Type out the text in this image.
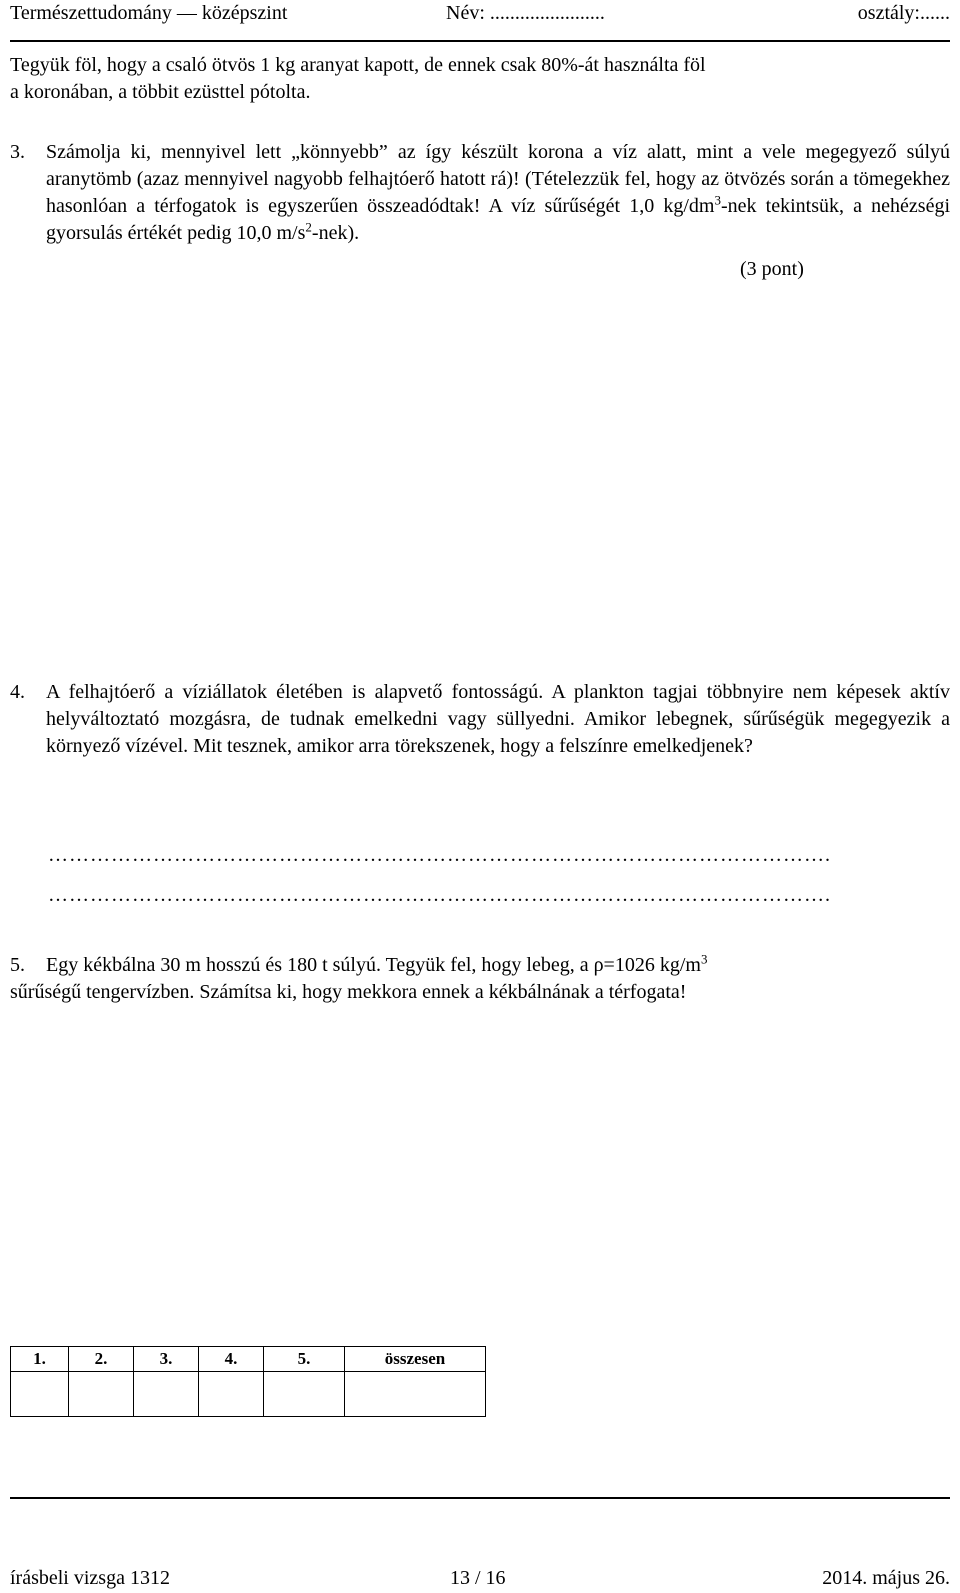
Természettudomány — középszint	Név: .......................	osztály:......
Tegyük föl, hogy a csaló ötvös 1 kg aranyat kapott, de ennek csak 80%-át használta föl
a koronában, a többit ezüsttel pótolta.
3. Számolja ki, mennyivel lett „könnyebb” az így készült korona a víz alatt, mint a vele megegyező súlyú aranytömb (azaz mennyivel nagyobb felhajtóerő hatott rá)! (Tételezzük fel, hogy az ötvözés során a tömegekhez hasonlóan a térfogatok is egyszerűen összeadódtak! A víz sűrűségét 1,0 $kg/dm^3$-nek tekintsük, a nehézségi gyorsulás értékét pedig 10,0 $m/s^2-nek$).
(3 pont)
4. A felhajtóerő a víziállatok életében is alapvető fontosságú. A plankton tagjai többnyire nem képesek aktív helyváltoztató mozgásra, de tudnak emelkedni vagy süllyedni. Amikor lebegnek, sűrűségük megegyezik a környező vízével. Mit tesznek, amikor arra törekszenek, hogy a felszínre emelkedjenek?
………………………………………………………………………………………………….
………………………………………………………………………………………………….
5. Egy kékbálna 30 m hosszú és 180 t súlyú. Tegyük fel, hogy lebeg, a ρ=1026 $kg/m^3$
sűrűségű tengervízben. Számítsa ki, hogy mekkora ennek a kékbálnának a térfogata!
1.	2.	3.	4.	5.	összesen

írásbeli vizsga 1312	13 / 16	2014. május 26.
